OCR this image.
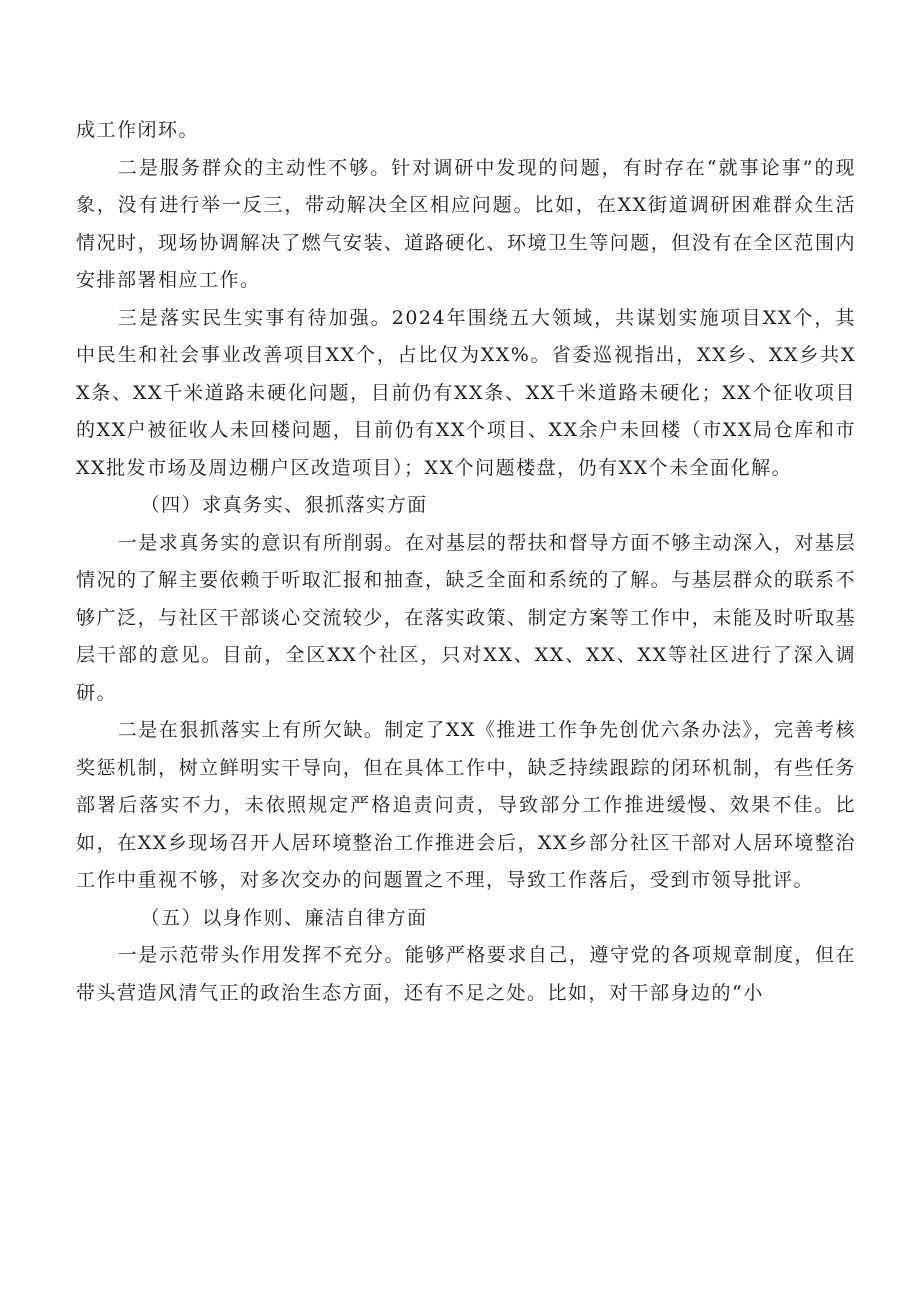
成工作闭环。

二是服务群众的主动性不够。针对调研中发现的问题，有时存在“就事论事”的现象，没有进行举一反三，带动解决全区相应问题。比如，在XX街道调研困难群众生活情况时，现场协调解决了燃气安装、道路硬化、环境卫生等问题，但没有在全区范围内安排部署相应工作。

三是落实民生实事有待加强。2024年围绕五大领域，共谋划实施项目XX个，其中民生和社会事业改善项目XX个，占比仅为XX%。省委巡视指出，XX乡、XX乡共XX条、XX千米道路未硬化问题，目前仍有XX条、XX千米道路未硬化；XX个征收项目的XX户被征收人未回楼问题，目前仍有XX个项目、XX余户未回楼（市XX局仓库和市XX批发市场及周边棚户区改造项目）；XX个问题楼盘，仍有XX个未全面化解。

（四）求真务实、狠抓落实方面

一是求真务实的意识有所削弱。在对基层的帮扶和督导方面不够主动深入，对基层情况的了解主要依赖于听取汇报和抽查，缺乏全面和系统的了解。与基层群众的联系不够广泛，与社区干部谈心交流较少，在落实政策、制定方案等工作中，未能及时听取基层干部的意见。目前，全区XX个社区，只对XX、XX、XX、XX等社区进行了深入调研。

二是在狠抓落实上有所欠缺。制定了XX《推进工作争先创优六条办法》，完善考核奖惩机制，树立鲜明实干导向，但在具体工作中，缺乏持续跟踪的闭环机制，有些任务部署后落实不力，未依照规定严格追责问责，导致部分工作推进缓慢、效果不佳。比如，在XX乡现场召开人居环境整治工作推进会后，XX乡部分社区干部对人居环境整治工作中重视不够，对多次交办的问题置之不理，导致工作落后，受到市领导批评。

（五）以身作则、廉洁自律方面

一是示范带头作用发挥不充分。能够严格要求自己，遵守党的各项规章制度，但在带头营造风清气正的政治生态方面，还有不足之处。比如，对干部身边的“小
